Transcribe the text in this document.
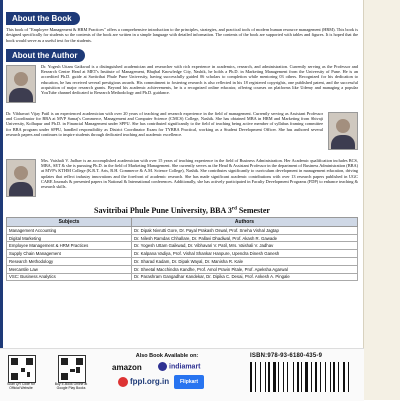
About the Book

This book of "Employee Management & HRM Practices" offers a comprehensive introduction to the principles, strategies, and practical tools of modern human resource management (HRM). This book is designed specifically for students so the contents of the book are written in a simple language with detailed information. The contents of the book are supported with tables and figures. It is hoped that the book would serve as a useful text for the students.

About the Author

Dr. Yogesh Uttam Gaikwad is a distinguished academician and researcher with rich experience in academics, research, and administration. Currently serving as the Professor and Research Centre Head at MET's Institute of Management, Bhujbal Knowledge City, Nashik, he holds a Ph.D. in Marketing Management from the University of Pune. He is an accredited Ph.D. guide at Savitribai Phule Pune University, having successfully guided 06 scholars to completion while mentoring 03 others. Recognized for his dedication to education, he has received several prestigious awards. His commitment to fostering research is also reflected in his 18 registered copyrights, one published patent, and the successful acquisition of major research grants. Beyond his academic achievements, he is a recognized online educator, offering courses on platforms like Udemy and managing a popular YouTube channel dedicated to Research Methodology and Ph.D. guidance.

Dr. Vibhavari Vijay Patil is an experienced academician with over 20 years of teaching and research experience in the field of management. Currently serving as Assistant Professor and Coordinator for BBA at MVP Samaj's Commerce, Management and Computer Science (CMCS) College, Nashik. She has obtained MBA in HRM and Marketing from Shivaji University, Kolhapur and Ph.D. in Financial Management under SPPU. She has contributed significantly to the field of teaching being active member of syllabus framing committee for BBA program under SPPU, handled responsibility as District Coordinator Exam for TYBBA Practical, working as a Student Development Officer. She has authored several research papers and continues to inspire students through dedicated teaching and academic excellence.

Mrs. Vaishali V. Jadhav is an accomplished academician with over 15 years of teaching experience in the field of Business Administration. Her Academic qualification includes BCS, MBA, SET & she is pursuing Ph.D. in the field of Marketing Management. She currently serves as the Head & Assistant Professor in the department of Business Administration (BBA) at MVP's KTHM College (K.R.T. Arts, B.H. Commerce & A.M. Science College), Nashik. She contributes significantly to curriculum development in management education, driving updates that reflect industry innovations and the forefront of academic research. She has made significant academic contributions with over 13 research papers published in UGC CARE Journals & presented papers in National & International conferences. Additionally, she has actively participated in Faculty Development Programs (FDP) to enhance teaching & research skills.

Savitribai Phule Pune University, BBA 3rd Semester
Subjects	Authors
Management Accounting	Dr. Dipak Nivrutti Gore, Dr. Payal Prakash Oswal, Prof. Sneha Vishal Jagtap
Digital Marketing	Dr. Nilesh Ramdas Chhallare, Dr. Pallavi Dhadiwal, Prof. Akash R. Gawade
Employee Management & HRM Practices	Dr. Yogesh Uttam Gaikwad, Dr. Vibhavari V. Patil, Mrs. Vaishali V. Jadhav
Supply Chain Management	Dr. Kalpana Vadiya, Prof. Vishal Shankar Hanpure, Upendra Dinesh Ganesh
Research Methodology	Dr. Sharad Kadam, Dr. Dipak Wayal, Dr. Manisha R. Kale
Mercantile Law	Dr. Sheetal Macchindra Kandhe, Prof. Amol Pravin Pitale, Prof. Apeksha Agarwal
VSC: Business Analytics	Dr. Parashram Gangadhar Kandekar, Dr. Dipika C. Desai, Prof. Ankesh A. Pingale
Scan QR Code for Official Website
Buy E-Book Online at Google Play Books
Also Book Available on:
amazon	indiamart
fppl.org.in	Flipkart
ISBN:978-93-6180-435-9
